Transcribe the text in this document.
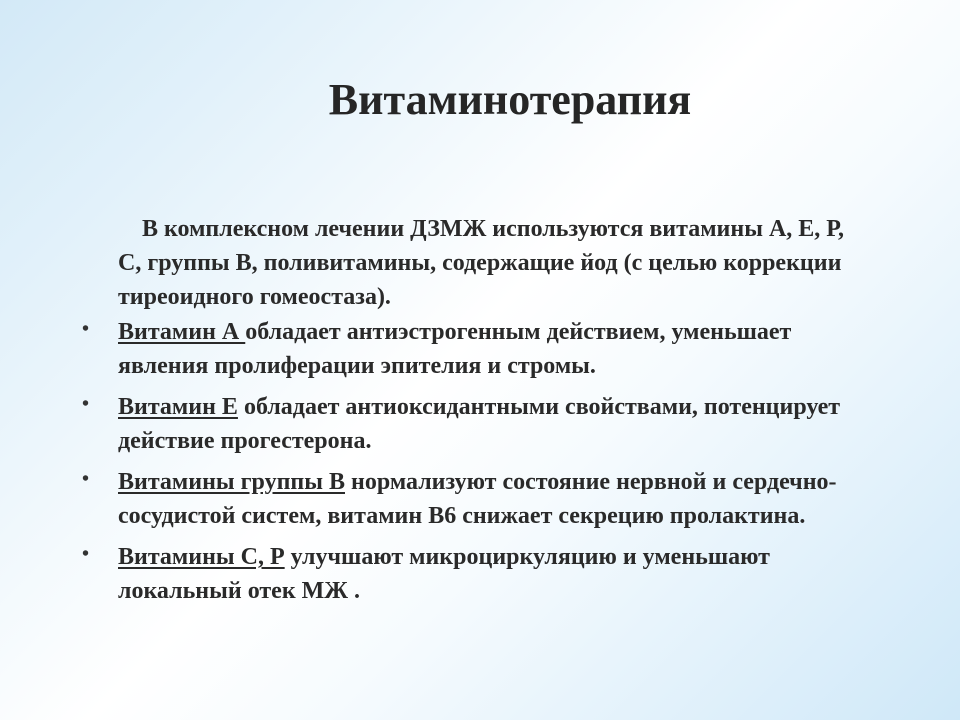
Витаминотерапия

В комплексном лечении ДЗМЖ используются витамины А, Е, Р, С, группы В, поливитамины, содержащие йод (с целью коррекции тиреоидного гомеостаза).

• Витамин А обладает антиэстрогенным действием, уменьшает явления пролиферации эпителия и стромы.
• Витамин Е обладает антиоксидантными свойствами, потенцирует действие прогестерона.
• Витамины группы В нормализуют состояние нервной и сердечно-сосудистой систем, витамин В6 снижает секрецию пролактина.
• Витамины С, Р улучшают микроциркуляцию и уменьшают локальный отек МЖ .
